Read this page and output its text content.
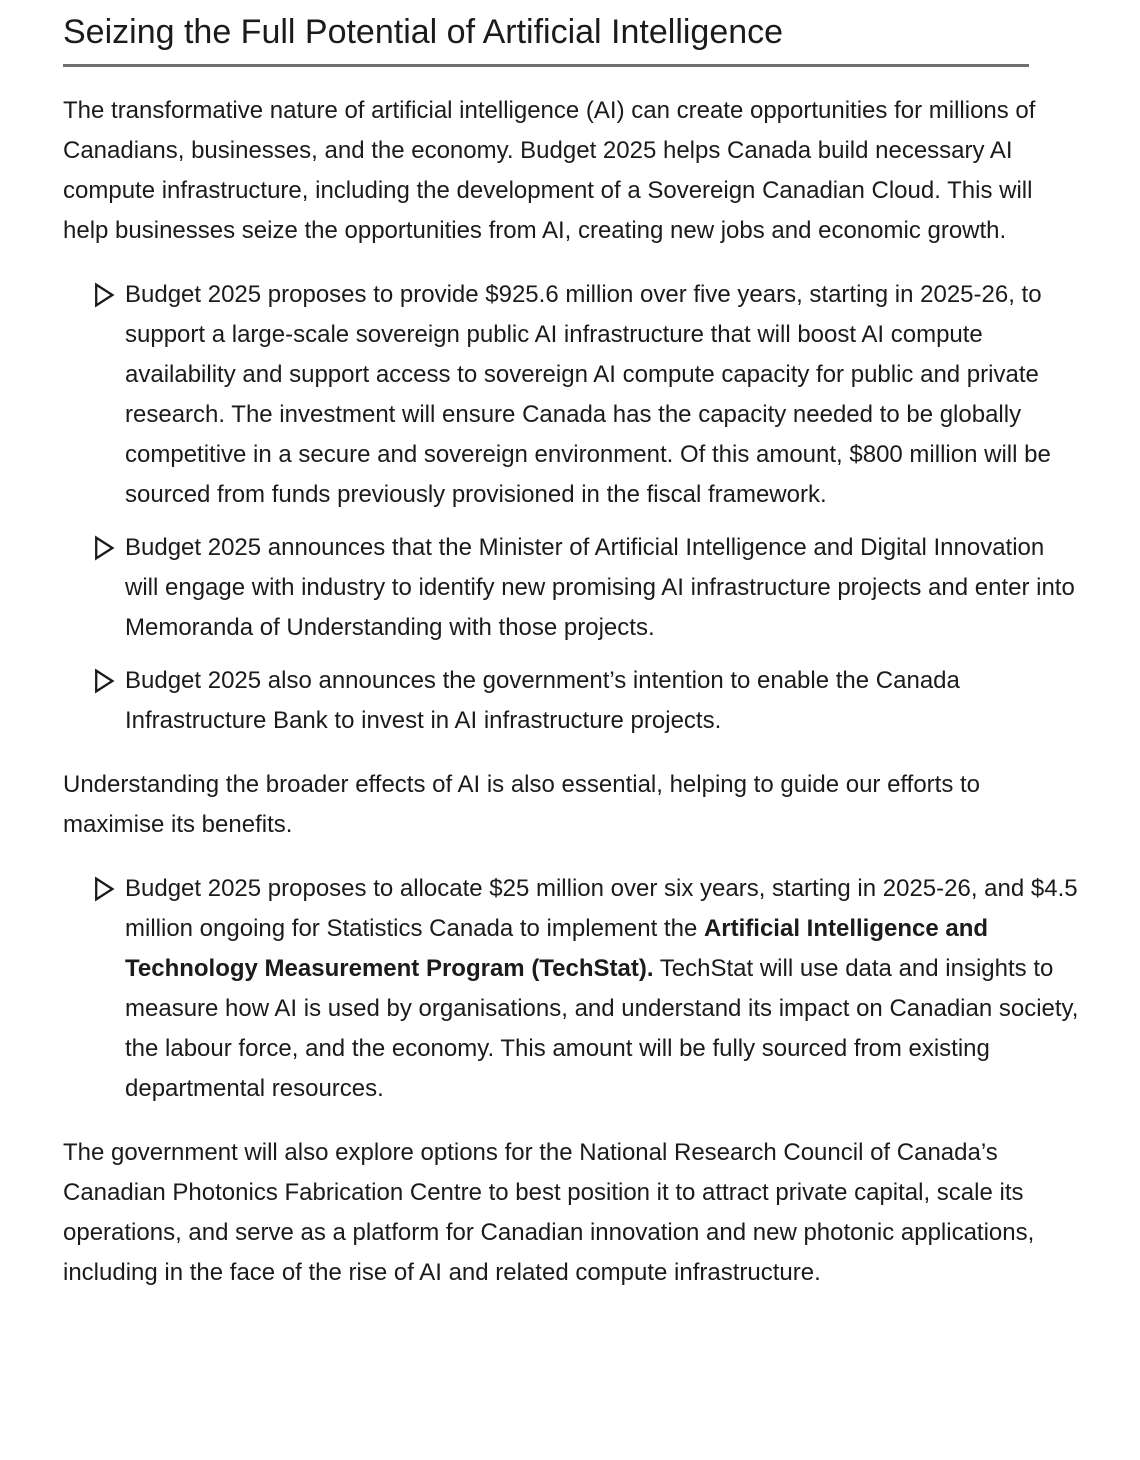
Seizing the Full Potential of Artificial Intelligence

The transformative nature of artificial intelligence (AI) can create opportunities for millions of Canadians, businesses, and the economy. Budget 2025 helps Canada build necessary AI compute infrastructure, including the development of a Sovereign Canadian Cloud. This will help businesses seize the opportunities from AI, creating new jobs and economic growth.

Budget 2025 proposes to provide $925.6 million over five years, starting in 2025-26, to support a large-scale sovereign public AI infrastructure that will boost AI compute availability and support access to sovereign AI compute capacity for public and private research. The investment will ensure Canada has the capacity needed to be globally competitive in a secure and sovereign environment. Of this amount, $800 million will be sourced from funds previously provisioned in the fiscal framework.
Budget 2025 announces that the Minister of Artificial Intelligence and Digital Innovation will engage with industry to identify new promising AI infrastructure projects and enter into Memoranda of Understanding with those projects.
Budget 2025 also announces the government’s intention to enable the Canada Infrastructure Bank to invest in AI infrastructure projects.

Understanding the broader effects of AI is also essential, helping to guide our efforts to maximise its benefits.

Budget 2025 proposes to allocate $25 million over six years, starting in 2025-26, and $4.5 million ongoing for Statistics Canada to implement the Artificial Intelligence and Technology Measurement Program (TechStat). TechStat will use data and insights to measure how AI is used by organisations, and understand its impact on Canadian society, the labour force, and the economy. This amount will be fully sourced from existing departmental resources.

The government will also explore options for the National Research Council of Canada’s Canadian Photonics Fabrication Centre to best position it to attract private capital, scale its operations, and serve as a platform for Canadian innovation and new photonic applications, including in the face of the rise of AI and related compute infrastructure.
